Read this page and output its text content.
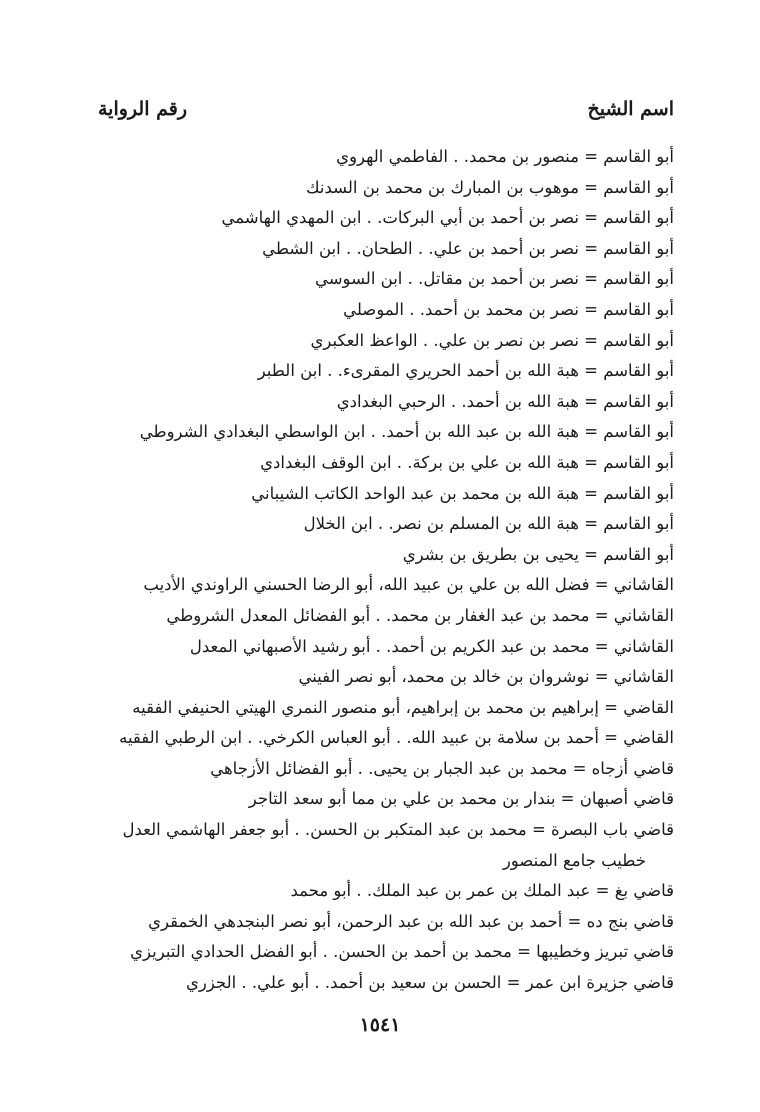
اسم الشيخ
رقم الرواية
أبو القاسم = منصور بن محمد. . الفاطمي الهروي
أبو القاسم = موهوب بن المبارك بن محمد بن السدنك
أبو القاسم = نصر بن أحمد بن أبي البركات. . ابن المهدي الهاشمي
أبو القاسم = نصر بن أحمد بن علي. . الطحان. . ابن الشطي
أبو القاسم = نصر بن أحمد بن مقاتل. . ابن السوسي
أبو القاسم = نصر بن محمد بن أحمد. . الموصلي
أبو القاسم = نصر بن نصر بن علي. . الواعظ العكبري
أبو القاسم = هبة الله بن أحمد الحريري المقرىء. . ابن الطبر
أبو القاسم = هبة الله بن أحمد. . الرحبي البغدادي
أبو القاسم = هبة الله بن عبد الله بن أحمد. . ابن الواسطي البغدادي الشروطي
أبو القاسم = هبة الله بن علي بن بركة. . ابن الوقف البغدادي
أبو القاسم = هبة الله بن محمد بن عبد الواحد الكاتب الشيباني
أبو القاسم = هبة الله بن المسلم بن نصر. . ابن الخلال
أبو القاسم = يحيى بن بطريق بن بشري
القاشاني = فضل الله بن علي بن عبيد الله، أبو الرضا الحسني الراوندي الأديب
القاشاني = محمد بن عبد الغفار بن محمد. . أبو الفضائل المعدل الشروطي
القاشاني = محمد بن عبد الكريم بن أحمد. . أبو رشيد الأصبهاني المعدل
القاشاني = نوشروان بن خالد بن محمد، أبو نصر الفيني
القاضي = إبراهيم بن محمد بن إبراهيم، أبو منصور النمري الهيتي الحنيفي الفقيه
القاضي = أحمد بن سلامة بن عبيد الله. . أبو العباس الكرخي. . ابن الرطبي الفقيه
قاضي أزجاه = محمد بن عبد الجبار بن يحيى. . أبو الفضائل الأزجاهي
قاضي أصبهان = بندار بن محمد بن علي بن مما أبو سعد التاجر
قاضي باب البصرة = محمد بن عبد المتكبر بن الحسن. . أبو جعفر الهاشمي العدل
خطيب جامع المنصور
قاضي بغ = عبد الملك بن عمر بن عبد الملك. . أبو محمد
قاضي بنج ده = أحمد بن عبد الله بن عبد الرحمن، أبو نصر البنجدهي الخمقري
قاضي تبريز وخطيبها = محمد بن أحمد بن الحسن. . أبو الفضل الحدادي التبريزي
قاضي جزيرة ابن عمر = الحسن بن سعيد بن أحمد. . أبو علي. . الجزري
١٥٤١
